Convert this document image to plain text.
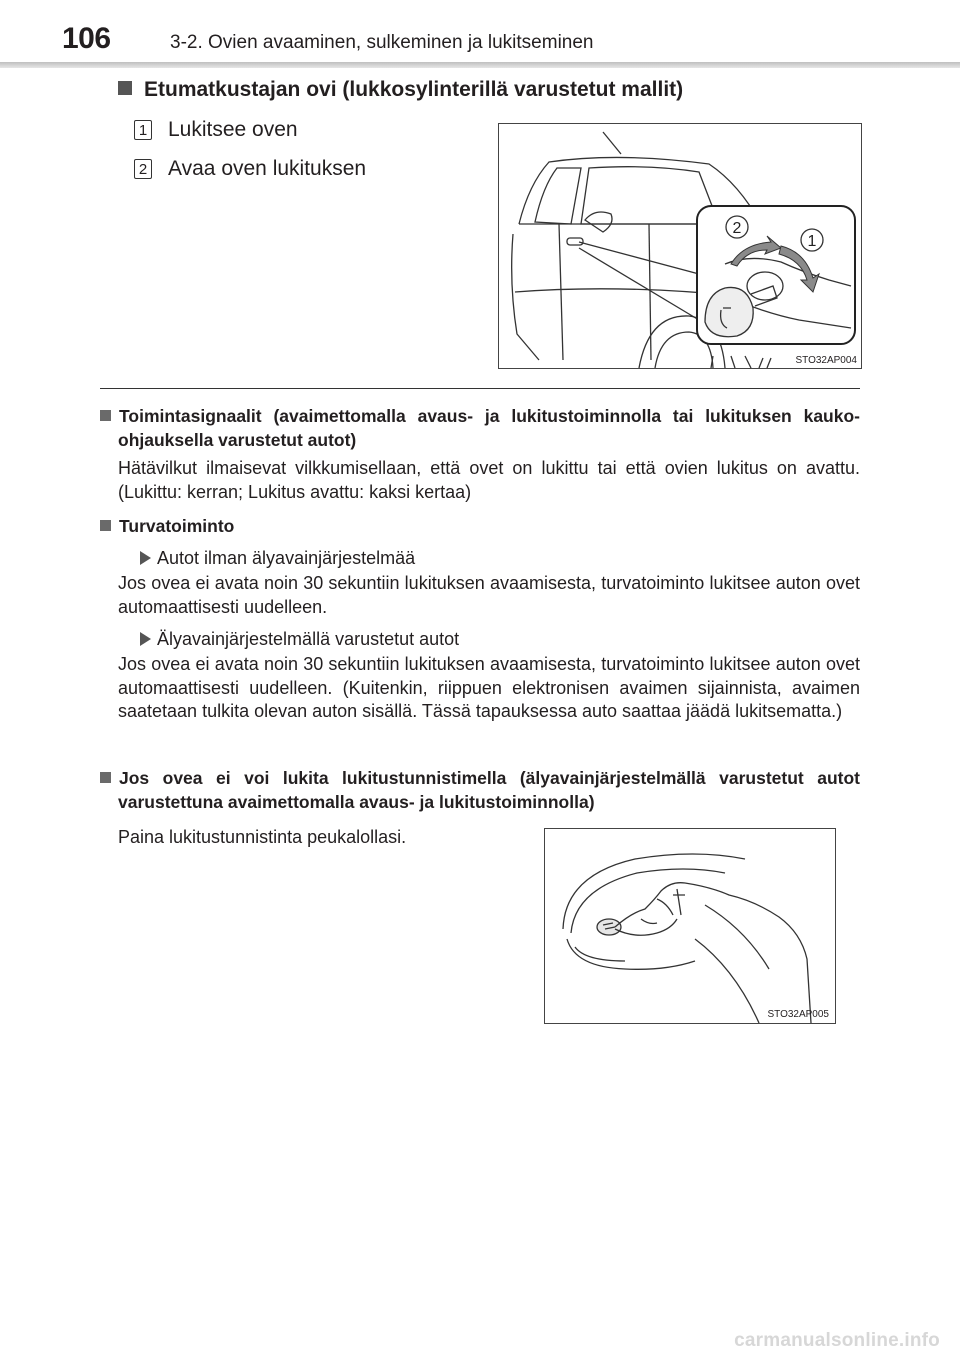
106	3-2. Ovien avaaminen, sulkeminen ja lukitseminen
Etumatkustajan ovi (lukkosylinterillä varustetut mallit)
1 Lukitsee oven
2 Avaa oven lukituksen
2
1
STO32AP004
Toimintasignaalit (avaimettomalla avaus- ja lukitustoiminnolla tai lukituksen kauko-ohjauksella varustetut autot)
Hätävilkut ilmaisevat vilkkumisellaan, että ovet on lukittu tai että ovien lukitus on avattu. (Lukittu: kerran; Lukitus avattu: kaksi kertaa)
Turvatoiminto
Autot ilman älyavainjärjestelmää
Jos ovea ei avata noin 30 sekuntiin lukituksen avaamisesta, turvatoiminto lukitsee auton ovet automaattisesti uudelleen.
Älyavainjärjestelmällä varustetut autot
Jos ovea ei avata noin 30 sekuntiin lukituksen avaamisesta, turvatoiminto lukitsee auton ovet automaattisesti uudelleen. (Kuitenkin, riippuen elektronisen avaimen sijainnista, avaimen saatetaan tulkita olevan auton sisällä. Tässä tapauksessa auto saattaa jäädä lukitsematta.)
Jos ovea ei voi lukita lukitustunnistimella (älyavainjärjestelmällä varustetut autot varustettuna avaimettomalla avaus- ja lukitustoiminnolla)
Paina lukitustunnistinta peukalollasi.
STO32AP005
carmanualsonline.info
